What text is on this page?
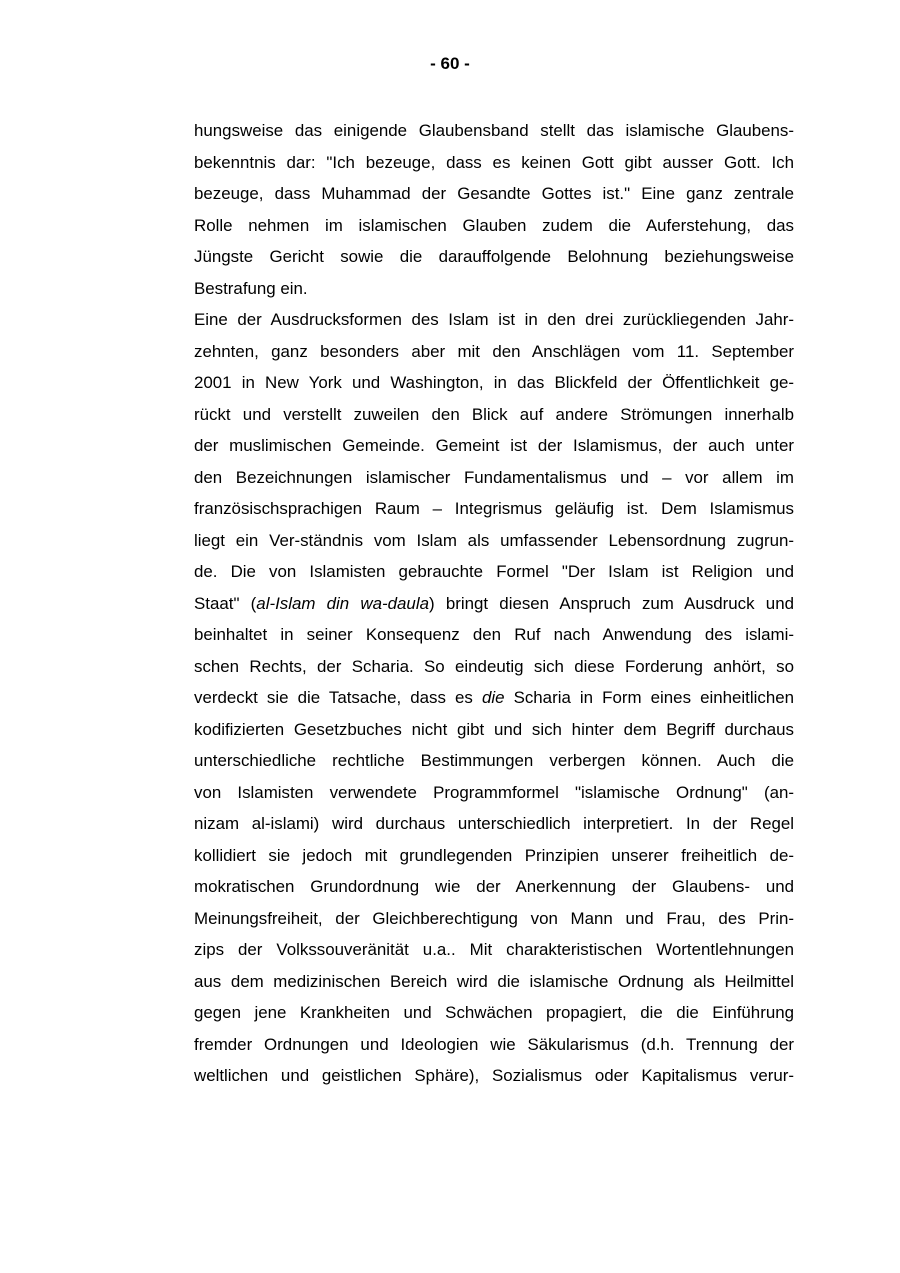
- 60 -
hungsweise das einigende Glaubensband stellt das islamische Glaubens-
bekenntnis dar: "Ich bezeuge, dass es keinen Gott gibt ausser Gott. Ich
bezeuge, dass Muhammad der Gesandte Gottes ist." Eine ganz zentrale
Rolle nehmen im islamischen Glauben zudem die Auferstehung, das
Jüngste Gericht sowie die darauffolgende Belohnung beziehungsweise
Bestrafung ein.
Eine der Ausdrucksformen des Islam ist in den drei zurückliegenden Jahr-
zehnten, ganz besonders aber mit den Anschlägen vom 11. September
2001 in New York und Washington, in das Blickfeld der Öffentlichkeit ge-
rückt und verstellt zuweilen den Blick auf andere Strömungen innerhalb
der muslimischen Gemeinde. Gemeint ist der Islamismus, der auch unter
den Bezeichnungen islamischer Fundamentalismus und – vor allem im
französischsprachigen Raum – Integrismus geläufig ist. Dem Islamismus
liegt ein Ver-ständnis vom Islam als umfassender Lebensordnung zugrun-
de. Die von Islamisten gebrauchte Formel "Der Islam ist Religion und
Staat" (al-Islam din wa-daula) bringt diesen Anspruch zum Ausdruck und
beinhaltet in seiner Konsequenz den Ruf nach Anwendung des islami-
schen Rechts, der Scharia. So eindeutig sich diese Forderung anhört, so
verdeckt sie die Tatsache, dass es die Scharia in Form eines einheitlichen
kodifizierten Gesetzbuches nicht gibt und sich hinter dem Begriff durchaus
unterschiedliche rechtliche Bestimmungen verbergen können. Auch die
von Islamisten verwendete Programmformel "islamische Ordnung" (an-
nizam al-islami) wird durchaus unterschiedlich interpretiert. In der Regel
kollidiert sie jedoch mit grundlegenden Prinzipien unserer freiheitlich de-
mokratischen Grundordnung wie der Anerkennung der Glaubens- und
Meinungsfreiheit, der Gleichberechtigung von Mann und Frau, des Prin-
zips der Volkssouveränität u.a.. Mit charakteristischen Wortentlehnungen
aus dem medizinischen Bereich wird die islamische Ordnung als Heilmittel
gegen jene Krankheiten und Schwächen propagiert, die die Einführung
fremder Ordnungen und Ideologien wie Säkularismus (d.h. Trennung der
weltlichen und geistlichen Sphäre), Sozialismus oder Kapitalismus verur-
